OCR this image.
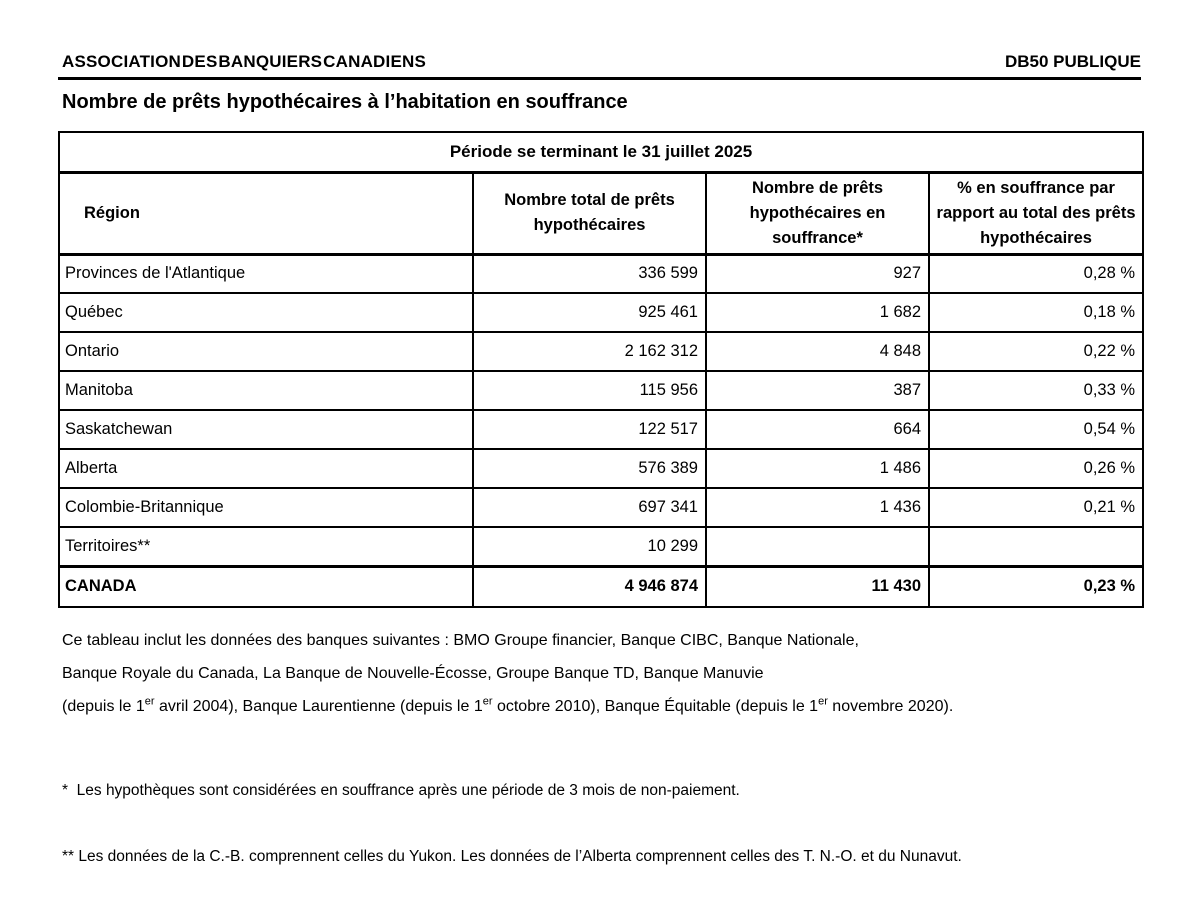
ASSOCIATION DES BANQUIERS CANADIENS	DB50 PUBLIQUE
Nombre de prêts hypothécaires à l’habitation en souffrance
Période se terminant le 31 juillet 2025			
Région	Nombre total de prêts hypothécaires	Nombre de prêts hypothécaires en souffrance*	% en souffrance par rapport au total des prêts hypothécaires
Provinces de l'Atlantique	336 599	927	0,28 %
Québec	925 461	1 682	0,18 %
Ontario	2 162 312	4 848	0,22 %
Manitoba	115 956	387	0,33 %
Saskatchewan	122 517	664	0,54 %
Alberta	576 389	1 486	0,26 %
Colombie-Britannique	697 341	1 436	0,21 %
Territoires**	10 299		
CANADA	4 946 874	11 430	0,23 %
Ce tableau inclut les données des banques suivantes : BMO Groupe financier, Banque CIBC, Banque Nationale,
Banque Royale du Canada, La Banque de Nouvelle-Écosse, Groupe Banque TD, Banque Manuvie
(depuis le 1er avril 2004), Banque Laurentienne (depuis le 1er octobre 2010), Banque Équitable (depuis le 1er novembre 2020).

*  Les hypothèques sont considérées en souffrance après une période de 3 mois de non-paiement.

** Les données de la C.-B. comprennent celles du Yukon. Les données de l’Alberta comprennent celles des T. N.-O. et du Nunavut.
